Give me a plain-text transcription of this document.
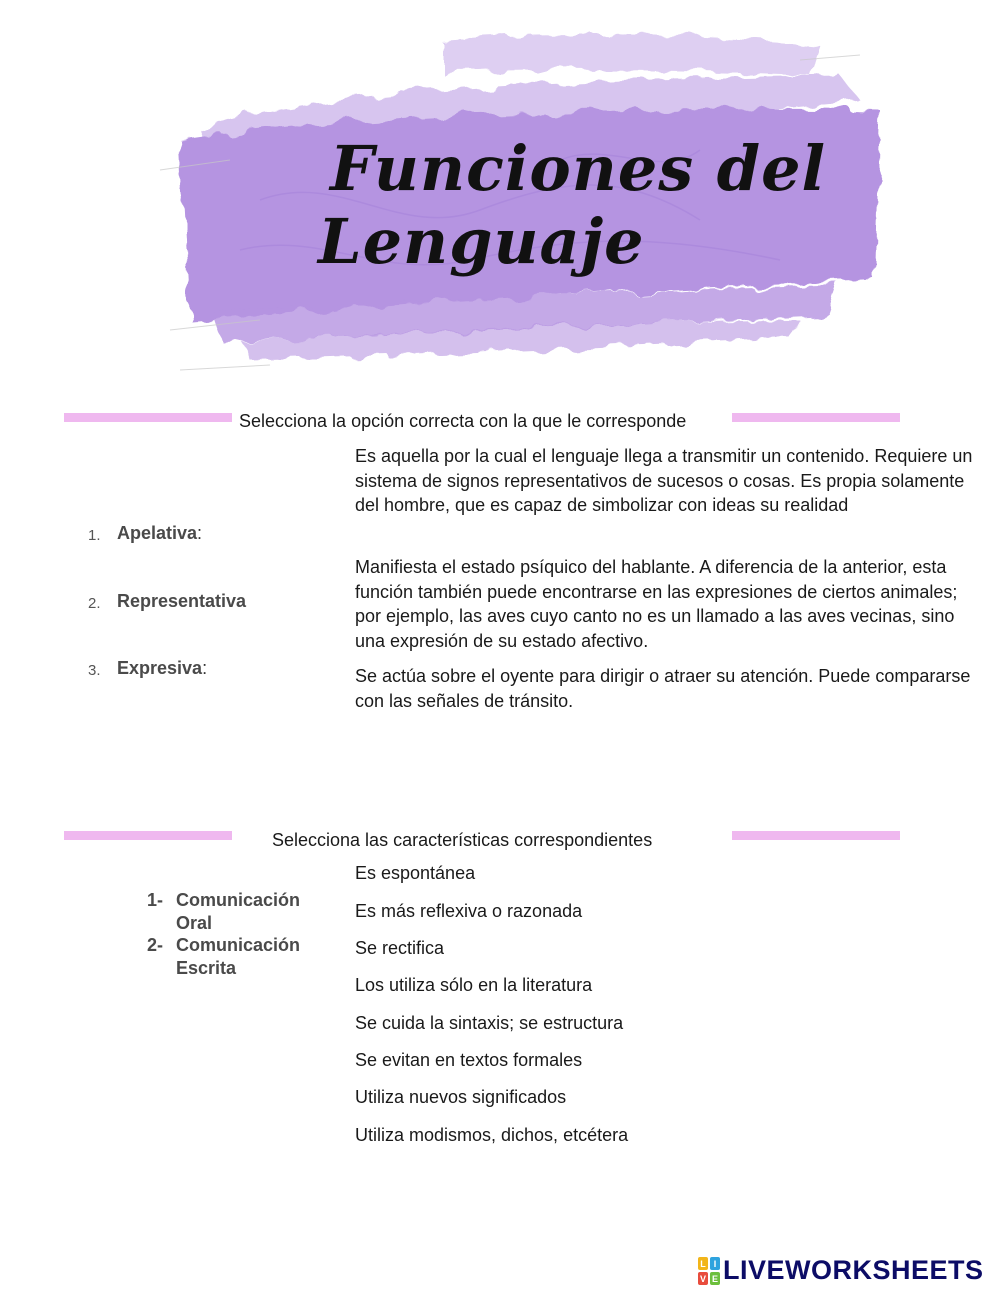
Funciones del
Lenguaje
Selecciona la opción correcta con la que le corresponde
1. Apelativa:
2. Representativa
3. Expresiva:
Es aquella por la cual el lenguaje llega a transmitir un contenido. Requiere un sistema de signos representativos de sucesos o cosas. Es propia solamente del hombre, que es capaz de simbolizar con ideas su realidad
Manifiesta el estado psíquico del hablante. A diferencia de la anterior, esta función también puede encontrarse en las expresiones de ciertos animales; por ejemplo, las aves cuyo canto no es un llamado a las aves vecinas, sino una expresión de su estado afectivo.
Se actúa sobre el oyente para dirigir o atraer su atención. Puede compararse con las señales de tránsito.
Selecciona las características correspondientes
1- Comunicación
Oral
2- Comunicación
Escrita
Es espontánea
Es más reflexiva o razonada
Se rectifica
Los utiliza sólo en la literatura
Se cuida la sintaxis; se estructura
Se evitan en textos formales
Utiliza nuevos significados
Utiliza modismos, dichos, etcétera
L I
V E LIVEWORKSHEETS
